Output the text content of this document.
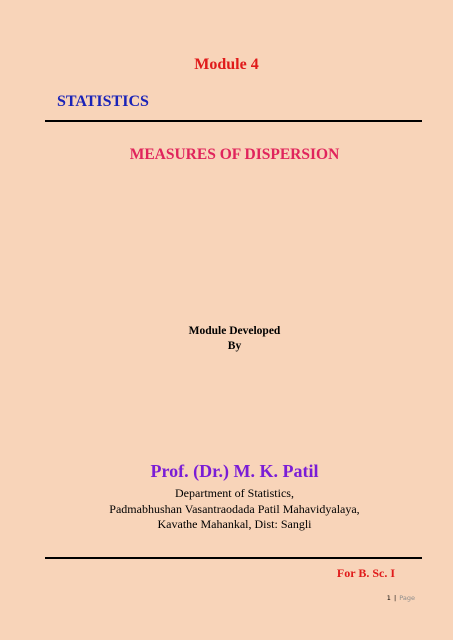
Module 4
STATISTICS
MEASURES OF DISPERSION
Module Developed
By
Prof. (Dr.) M. K. Patil
Department of Statistics,
Padmabhushan Vasantraodada Patil Mahavidyalaya,
Kavathe Mahankal, Dist: Sangli
For B. Sc. I
1 | Page
